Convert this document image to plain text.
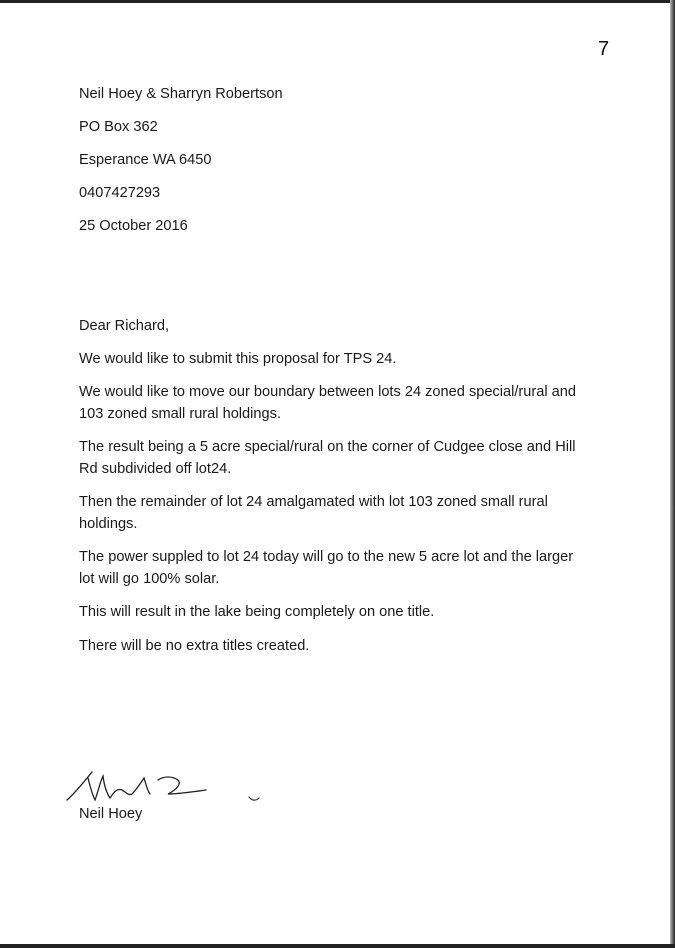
7
Neil Hoey & Sharryn Robertson
PO Box 362
Esperance WA 6450
0407427293
25 October 2016
Dear Richard,
We would like to submit this proposal for TPS 24.
We would like to move our boundary between lots 24 zoned special/rural and
103 zoned small rural holdings.
The result being a 5 acre special/rural on the corner of Cudgee close and Hill
Rd subdivided off lot24.
Then the remainder of lot 24 amalgamated with lot 103 zoned small rural
holdings.
The power suppled to lot 24 today will go to the new 5 acre lot and the larger
lot will go 100% solar.
This will result in the lake being completely on one title.
There will be no extra titles created.
Neil Hoey
